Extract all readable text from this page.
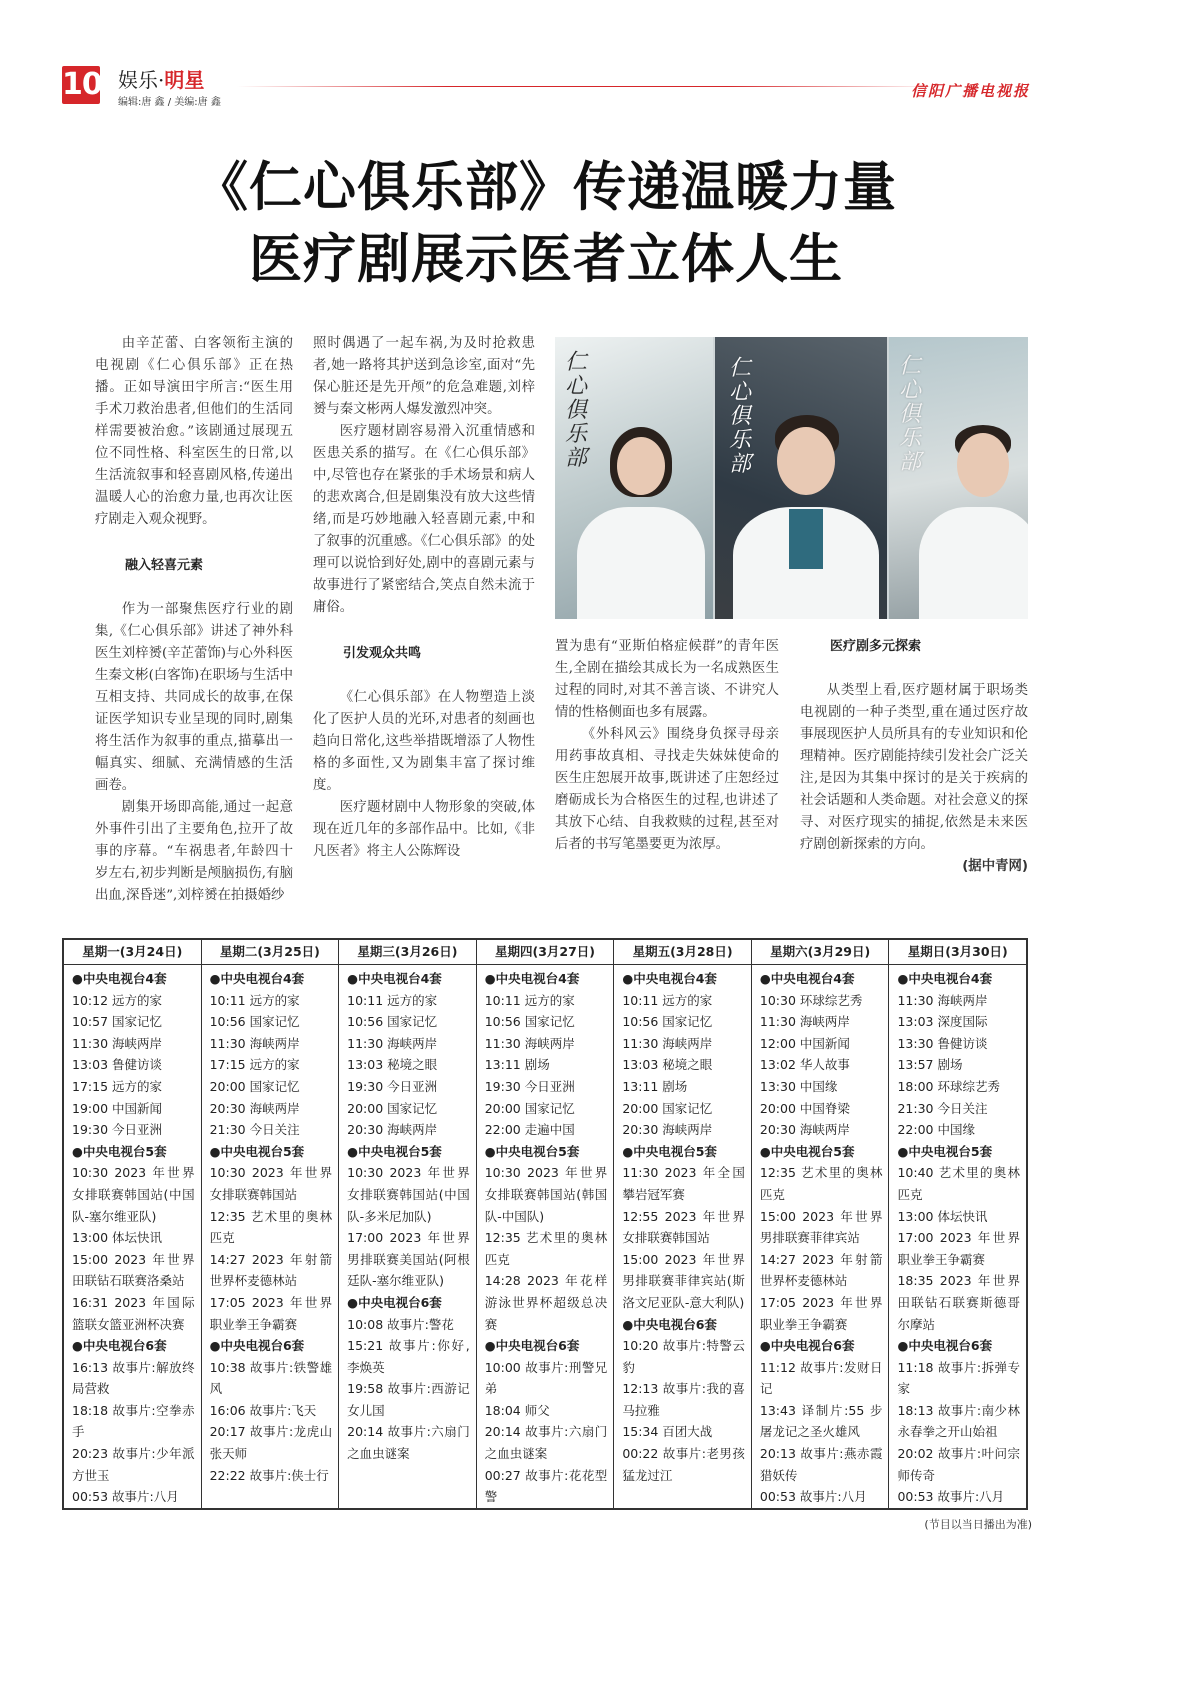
10 娱乐·明星
编辑:唐 鑫 / 美编:唐 鑫
信阳广播电视报
《仁心俱乐部》传递温暖力量
医疗剧展示医者立体人生

由辛芷蕾、白客领衔主演的电视剧《仁心俱乐部》正在热播。正如导演田宇所言:“医生用手术刀救治患者,但他们的生活同样需要被治愈。”该剧通过展现五位不同性格、科室医生的日常,以生活流叙事和轻喜剧风格,传递出温暖人心的治愈力量,也再次让医疗剧走入观众视野。

融入轻喜元素

作为一部聚焦医疗行业的剧集,《仁心俱乐部》讲述了神外科医生刘梓赟(辛芷蕾饰)与心外科医生秦文彬(白客饰)在职场与生活中互相支持、共同成长的故事,在保证医学知识专业呈现的同时,剧集将生活作为叙事的重点,描摹出一幅真实、细腻、充满情感的生活画卷。

剧集开场即高能,通过一起意外事件引出了主要角色,拉开了故事的序幕。“车祸患者,年龄四十岁左右,初步判断是颅脑损伤,有脑出血,深昏迷”,刘梓赟在拍摄婚纱

照时偶遇了一起车祸,为及时抢救患者,她一路将其护送到急诊室,面对“先保心脏还是先开颅”的危急难题,刘梓赟与秦文彬两人爆发激烈冲突。

医疗题材剧容易滑入沉重情感和医患关系的描写。在《仁心俱乐部》中,尽管也存在紧张的手术场景和病人的悲欢离合,但是剧集没有放大这些情绪,而是巧妙地融入轻喜剧元素,中和了叙事的沉重感。《仁心俱乐部》的处理可以说恰到好处,剧中的喜剧元素与故事进行了紧密结合,笑点自然未流于庸俗。

引发观众共鸣

《仁心俱乐部》在人物塑造上淡化了医护人员的光环,对患者的刻画也趋向日常化,这些举措既增添了人物性格的多面性,又为剧集丰富了探讨维度。

医疗题材剧中人物形象的突破,体现在近几年的多部作品中。比如,《非凡医者》将主人公陈辉设

仁心俱乐部
仁心俱乐部
仁心俱乐部

置为患有“亚斯伯格症候群”的青年医生,全剧在描绘其成长为一名成熟医生过程的同时,对其不善言谈、不讲究人情的性格侧面也多有展露。

《外科风云》围绕身负探寻母亲用药事故真相、寻找走失妹妹使命的医生庄恕展开故事,既讲述了庄恕经过磨砺成长为合格医生的过程,也讲述了其放下心结、自我救赎的过程,甚至对后者的书写笔墨要更为浓厚。

医疗剧多元探索

从类型上看,医疗题材属于职场类电视剧的一种子类型,重在通过医疗故事展现医护人员所具有的专业知识和伦理精神。医疗剧能持续引发社会广泛关注,是因为其集中探讨的是关于疾病的社会话题和人类命题。对社会意义的探寻、对医疗现实的捕捉,依然是未来医疗剧创新探索的方向。

(据中青网)

星期一(3月24日)
●中央电视台4套
10:12 远方的家
10:57 国家记忆
11:30 海峡两岸
13:03 鲁健访谈
17:15 远方的家
19:00 中国新闻
19:30 今日亚洲
●中央电视台5套
10:30 2023 年世界女排联赛韩国站(中国队-塞尔维亚队)
13:00 体坛快讯
15:00 2023 年世界田联钻石联赛洛桑站
16:31 2023 年国际篮联女篮亚洲杯决赛
●中央电视台6套
16:13 故事片:解放终局营救
18:18 故事片:空拳赤手
20:23 故事片:少年派方世玉
00:53 故事片:八月
星期二(3月25日)
●中央电视台4套
10:11 远方的家
10:56 国家记忆
11:30 海峡两岸
17:15 远方的家
20:00 国家记忆
20:30 海峡两岸
21:30 今日关注
●中央电视台5套
10:30 2023 年世界女排联赛韩国站
12:35 艺术里的奥林匹克
14:27 2023 年射箭世界杯麦德林站
17:05 2023 年世界职业拳王争霸赛
●中央电视台6套
10:38 故事片:铁警雄风
16:06 故事片:飞天
20:17 故事片:龙虎山张天师
22:22 故事片:侠士行
星期三(3月26日)
●中央电视台4套
10:11 远方的家
10:56 国家记忆
11:30 海峡两岸
13:03 秘境之眼
19:30 今日亚洲
20:00 国家记忆
20:30 海峡两岸
●中央电视台5套
10:30 2023 年世界女排联赛韩国站(中国队-多米尼加队)
17:00 2023 年世界男排联赛美国站(阿根廷队-塞尔维亚队)
●中央电视台6套
10:08 故事片:警花
15:21 故事片:你好,李焕英
19:58 故事片:西游记女儿国
20:14 故事片:六扇门之血虫谜案
星期四(3月27日)
●中央电视台4套
10:11 远方的家
10:56 国家记忆
11:30 海峡两岸
13:11 剧场
19:30 今日亚洲
20:00 国家记忆
22:00 走遍中国
●中央电视台5套
10:30 2023 年世界女排联赛韩国站(韩国队-中国队)
12:35 艺术里的奥林匹克
14:28 2023 年花样游泳世界杯超级总决赛
●中央电视台6套
10:00 故事片:刑警兄弟
18:04 师父
20:14 故事片:六扇门之血虫谜案
00:27 故事片:花花型警
星期五(3月28日)
●中央电视台4套
10:11 远方的家
10:56 国家记忆
11:30 海峡两岸
13:03 秘境之眼
13:11 剧场
20:00 国家记忆
20:30 海峡两岸
●中央电视台5套
11:30 2023 年全国攀岩冠军赛
12:55 2023 年世界女排联赛韩国站
15:00 2023 年世界男排联赛菲律宾站(斯洛文尼亚队-意大利队)
●中央电视台6套
10:20 故事片:特警云豹
12:13 故事片:我的喜马拉雅
15:34 百团大战
00:22 故事片:老男孩猛龙过江
星期六(3月29日)
●中央电视台4套
10:30 环球综艺秀
11:30 海峡两岸
12:00 中国新闻
13:02 华人故事
13:30 中国缘
20:00 中国脊梁
20:30 海峡两岸
●中央电视台5套
12:35 艺术里的奥林匹克
15:00 2023 年世界男排联赛菲律宾站
14:27 2023 年射箭世界杯麦德林站
17:05 2023 年世界职业拳王争霸赛
●中央电视台6套
11:12 故事片:发财日记
13:43 译制片:55 步屠龙记之圣火雄风
20:13 故事片:燕赤霞猎妖传
00:53 故事片:八月
星期日(3月30日)
●中央电视台4套
11:30 海峡两岸
13:03 深度国际
13:30 鲁健访谈
13:57 剧场
18:00 环球综艺秀
21:30 今日关注
22:00 中国缘
●中央电视台5套
10:40 艺术里的奥林匹克
13:00 体坛快讯
17:00 2023 年世界职业拳王争霸赛
18:35 2023 年世界田联钻石联赛斯德哥尔摩站
●中央电视台6套
11:18 故事片:拆弹专家
18:13 故事片:南少林永春拳之开山始祖
20:02 故事片:叶问宗师传奇
00:53 故事片:八月
(节目以当日播出为准)
